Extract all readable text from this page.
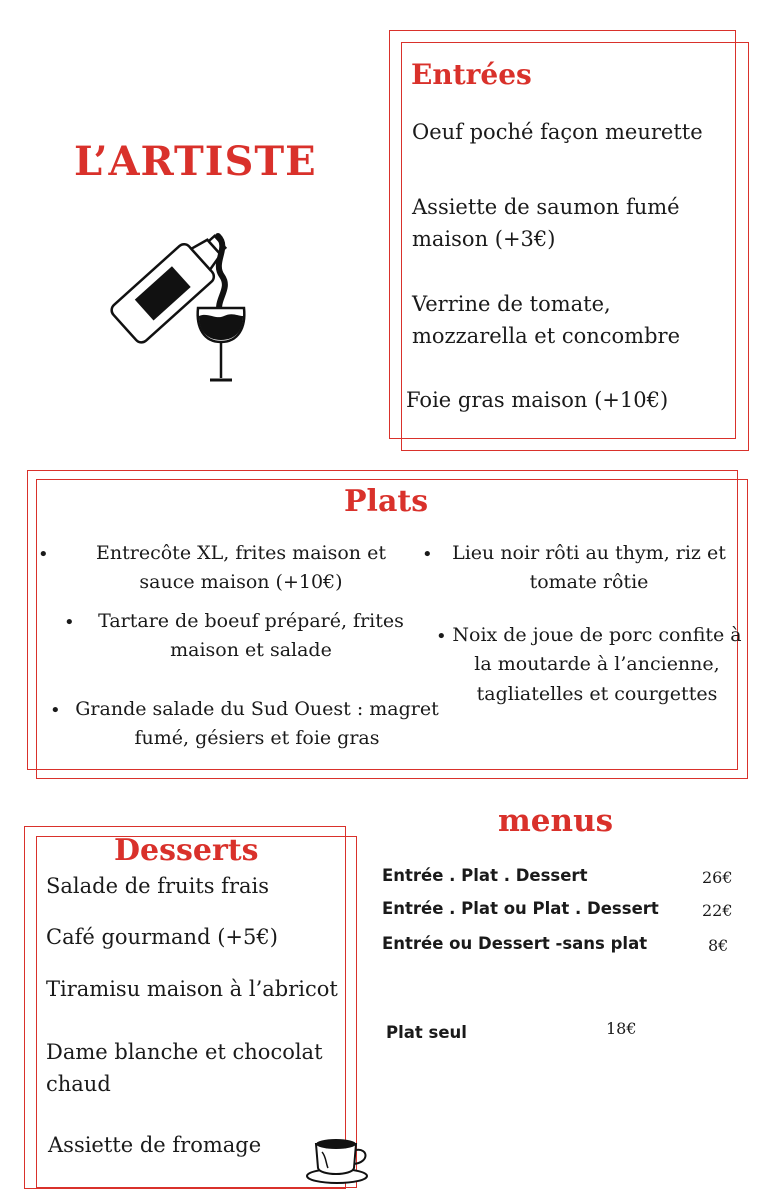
L’ARTISTE
Entrées
Oeuf poché façon meurette
Assiette de saumon fumé maison (+3€)
Verrine de tomate, mozzarella et concombre
Foie gras maison (+10€)
Plats
•	Entrecôte XL, frites maison et sauce maison (+10€)
•	Tartare de boeuf préparé, frites maison et salade
• Grande salade du Sud Ouest : magret fumé, gésiers et foie gras
•	Lieu noir rôti au thym, riz et tomate rôtie
• Noix de joue de porc confite à la moutarde à l’ancienne, tagliatelles et courgettes
Desserts
Salade de fruits frais
Café gourmand (+5€)
Tiramisu maison à l’abricot
Dame blanche et chocolat chaud
Assiette de fromage
menus
Entrée . Plat . Dessert	26€
Entrée . Plat ou Plat . Dessert	22€
Entrée ou Dessert -sans plat	8€
Plat seul	18€
